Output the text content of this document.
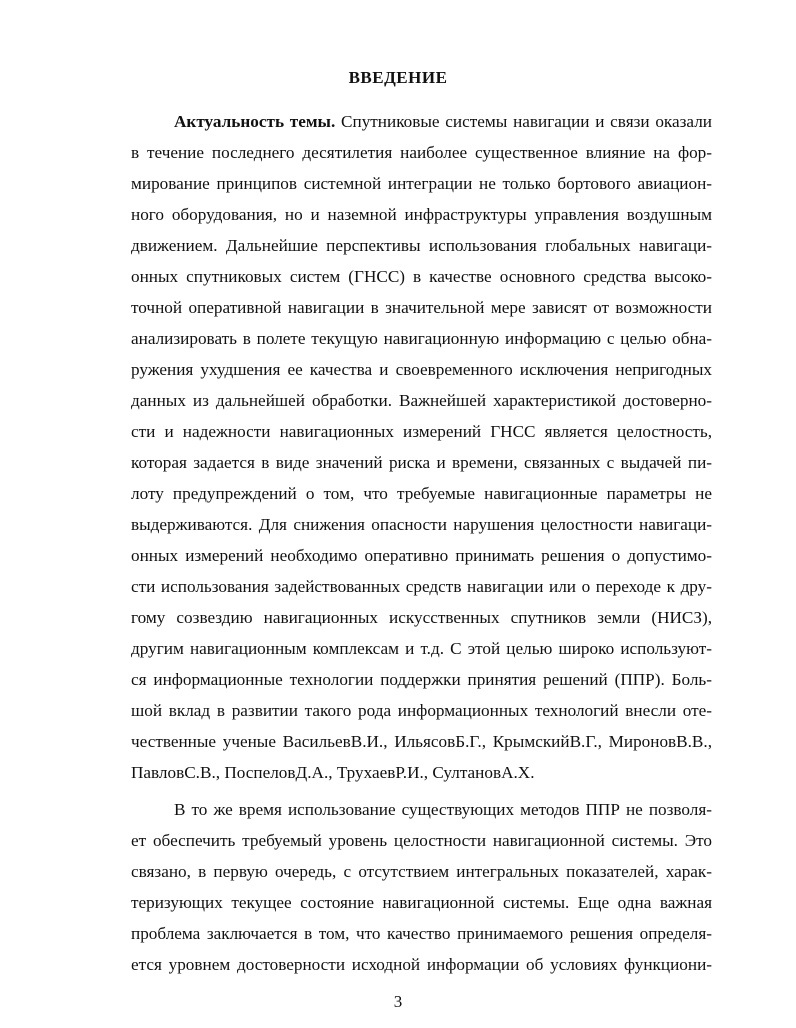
ВВЕДЕНИЕ
Актуальность темы. Спутниковые системы навигации и связи оказали
в течение последнего десятилетия наиболее существенное влияние на фор-
мирование принципов системной интеграции не только бортового авиацион-
ного оборудования, но и наземной инфраструктуры управления воздушным
движением. Дальнейшие перспективы использования глобальных навигаци-
онных спутниковых систем (ГНСС) в качестве основного средства высоко-
точной оперативной навигации в значительной мере зависят от возможности
анализировать в полете текущую навигационную информацию с целью обна-
ружения ухудшения ее качества и своевременного исключения непригодных
данных из дальнейшей обработки. Важнейшей характеристикой достоверно-
сти и надежности навигационных измерений ГНСС является целостность,
которая задается в виде значений риска и времени, связанных с выдачей пи-
лоту предупреждений о том, что требуемые навигационные параметры не
выдерживаются. Для снижения опасности нарушения целостности навигаци-
онных измерений необходимо оперативно принимать решения о допустимо-
сти использования задействованных средств навигации или о переходе к дру-
гому созвездию навигационных искусственных спутников земли (НИСЗ),
другим навигационным комплексам и т.д. С этой целью широко используют-
ся информационные технологии поддержки принятия решений (ППР). Боль-
шой вклад в развитии такого рода информационных технологий внесли оте-
чественные ученые ВасильевВ.И., ИльясовБ.Г., КрымскийВ.Г., МироновВ.В.,
ПавловС.В., ПоспеловД.А., ТрухаевР.И., СултановА.Х.
В то же время использование существующих методов ППР не позволя-
ет обеспечить требуемый уровень целостности навигационной системы. Это
связано, в первую очередь, с отсутствием интегральных показателей, харак-
теризующих текущее состояние навигационной системы. Еще одна важная
проблема заключается в том, что качество принимаемого решения определя-
ется уровнем достоверности исходной информации об условиях функциони-
3
